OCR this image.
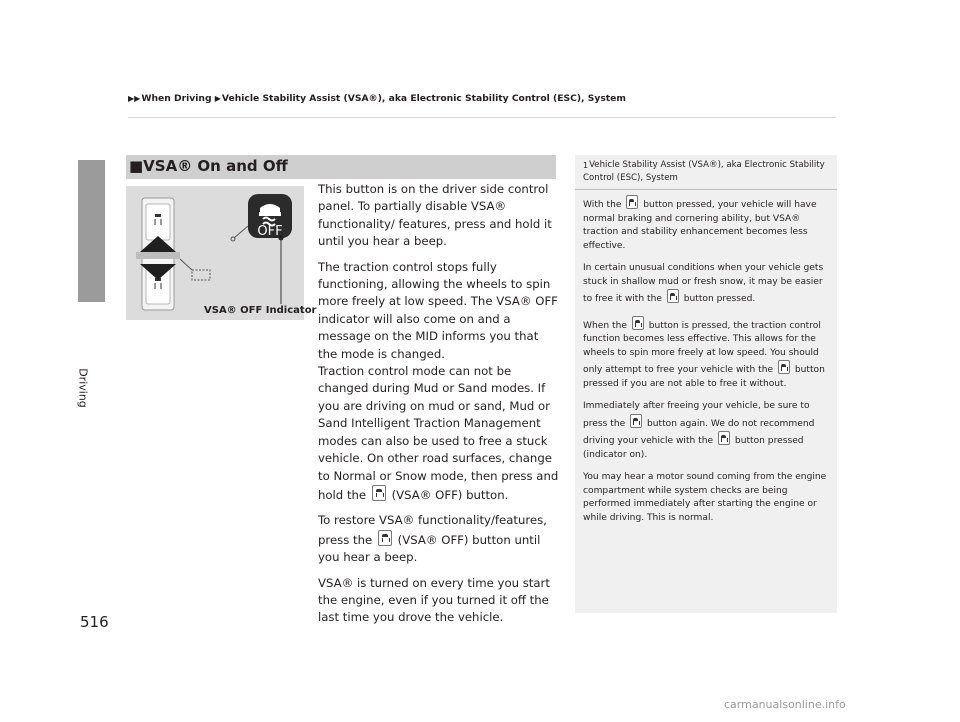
▶▶When Driving ▶Vehicle Stability Assist (VSA®), aka Electronic Stability Control (ESC), System
Driving
516
■VSA® On and Off
OFF
VSA® OFF Indicator

This button is on the driver side control panel. To partially disable VSA® functionality/ features, press and hold it until you hear a beep.

The traction control stops fully functioning, allowing the wheels to spin more freely at low speed. The VSA® OFF indicator will also come on and a message on the MID informs you that the mode is changed.

Traction control mode can not be changed during Mud or Sand modes. If you are driving on mud or sand, Mud or Sand Intelligent Traction Management modes can also be used to free a stuck vehicle. On other road surfaces, change to Normal or Snow mode, then press and hold the (VSA® OFF) button.

To restore VSA® functionality/features, press the (VSA® OFF) button until you hear a beep.

VSA® is turned on every time you start the engine, even if you turned it off the last time you drove the vehicle.

1Vehicle Stability Assist (VSA®), aka Electronic Stability Control (ESC), System

With the button pressed, your vehicle will have normal braking and cornering ability, but VSA® traction and stability enhancement becomes less effective.

In certain unusual conditions when your vehicle gets stuck in shallow mud or fresh snow, it may be easier to free it with the button pressed.

When the button is pressed, the traction control function becomes less effective. This allows for the wheels to spin more freely at low speed. You should only attempt to free your vehicle with the button pressed if you are not able to free it without.

Immediately after freeing your vehicle, be sure to press the button again. We do not recommend driving your vehicle with the button pressed (indicator on).

You may hear a motor sound coming from the engine compartment while system checks are being performed immediately after starting the engine or while driving. This is normal.

carmanualsonline.info
